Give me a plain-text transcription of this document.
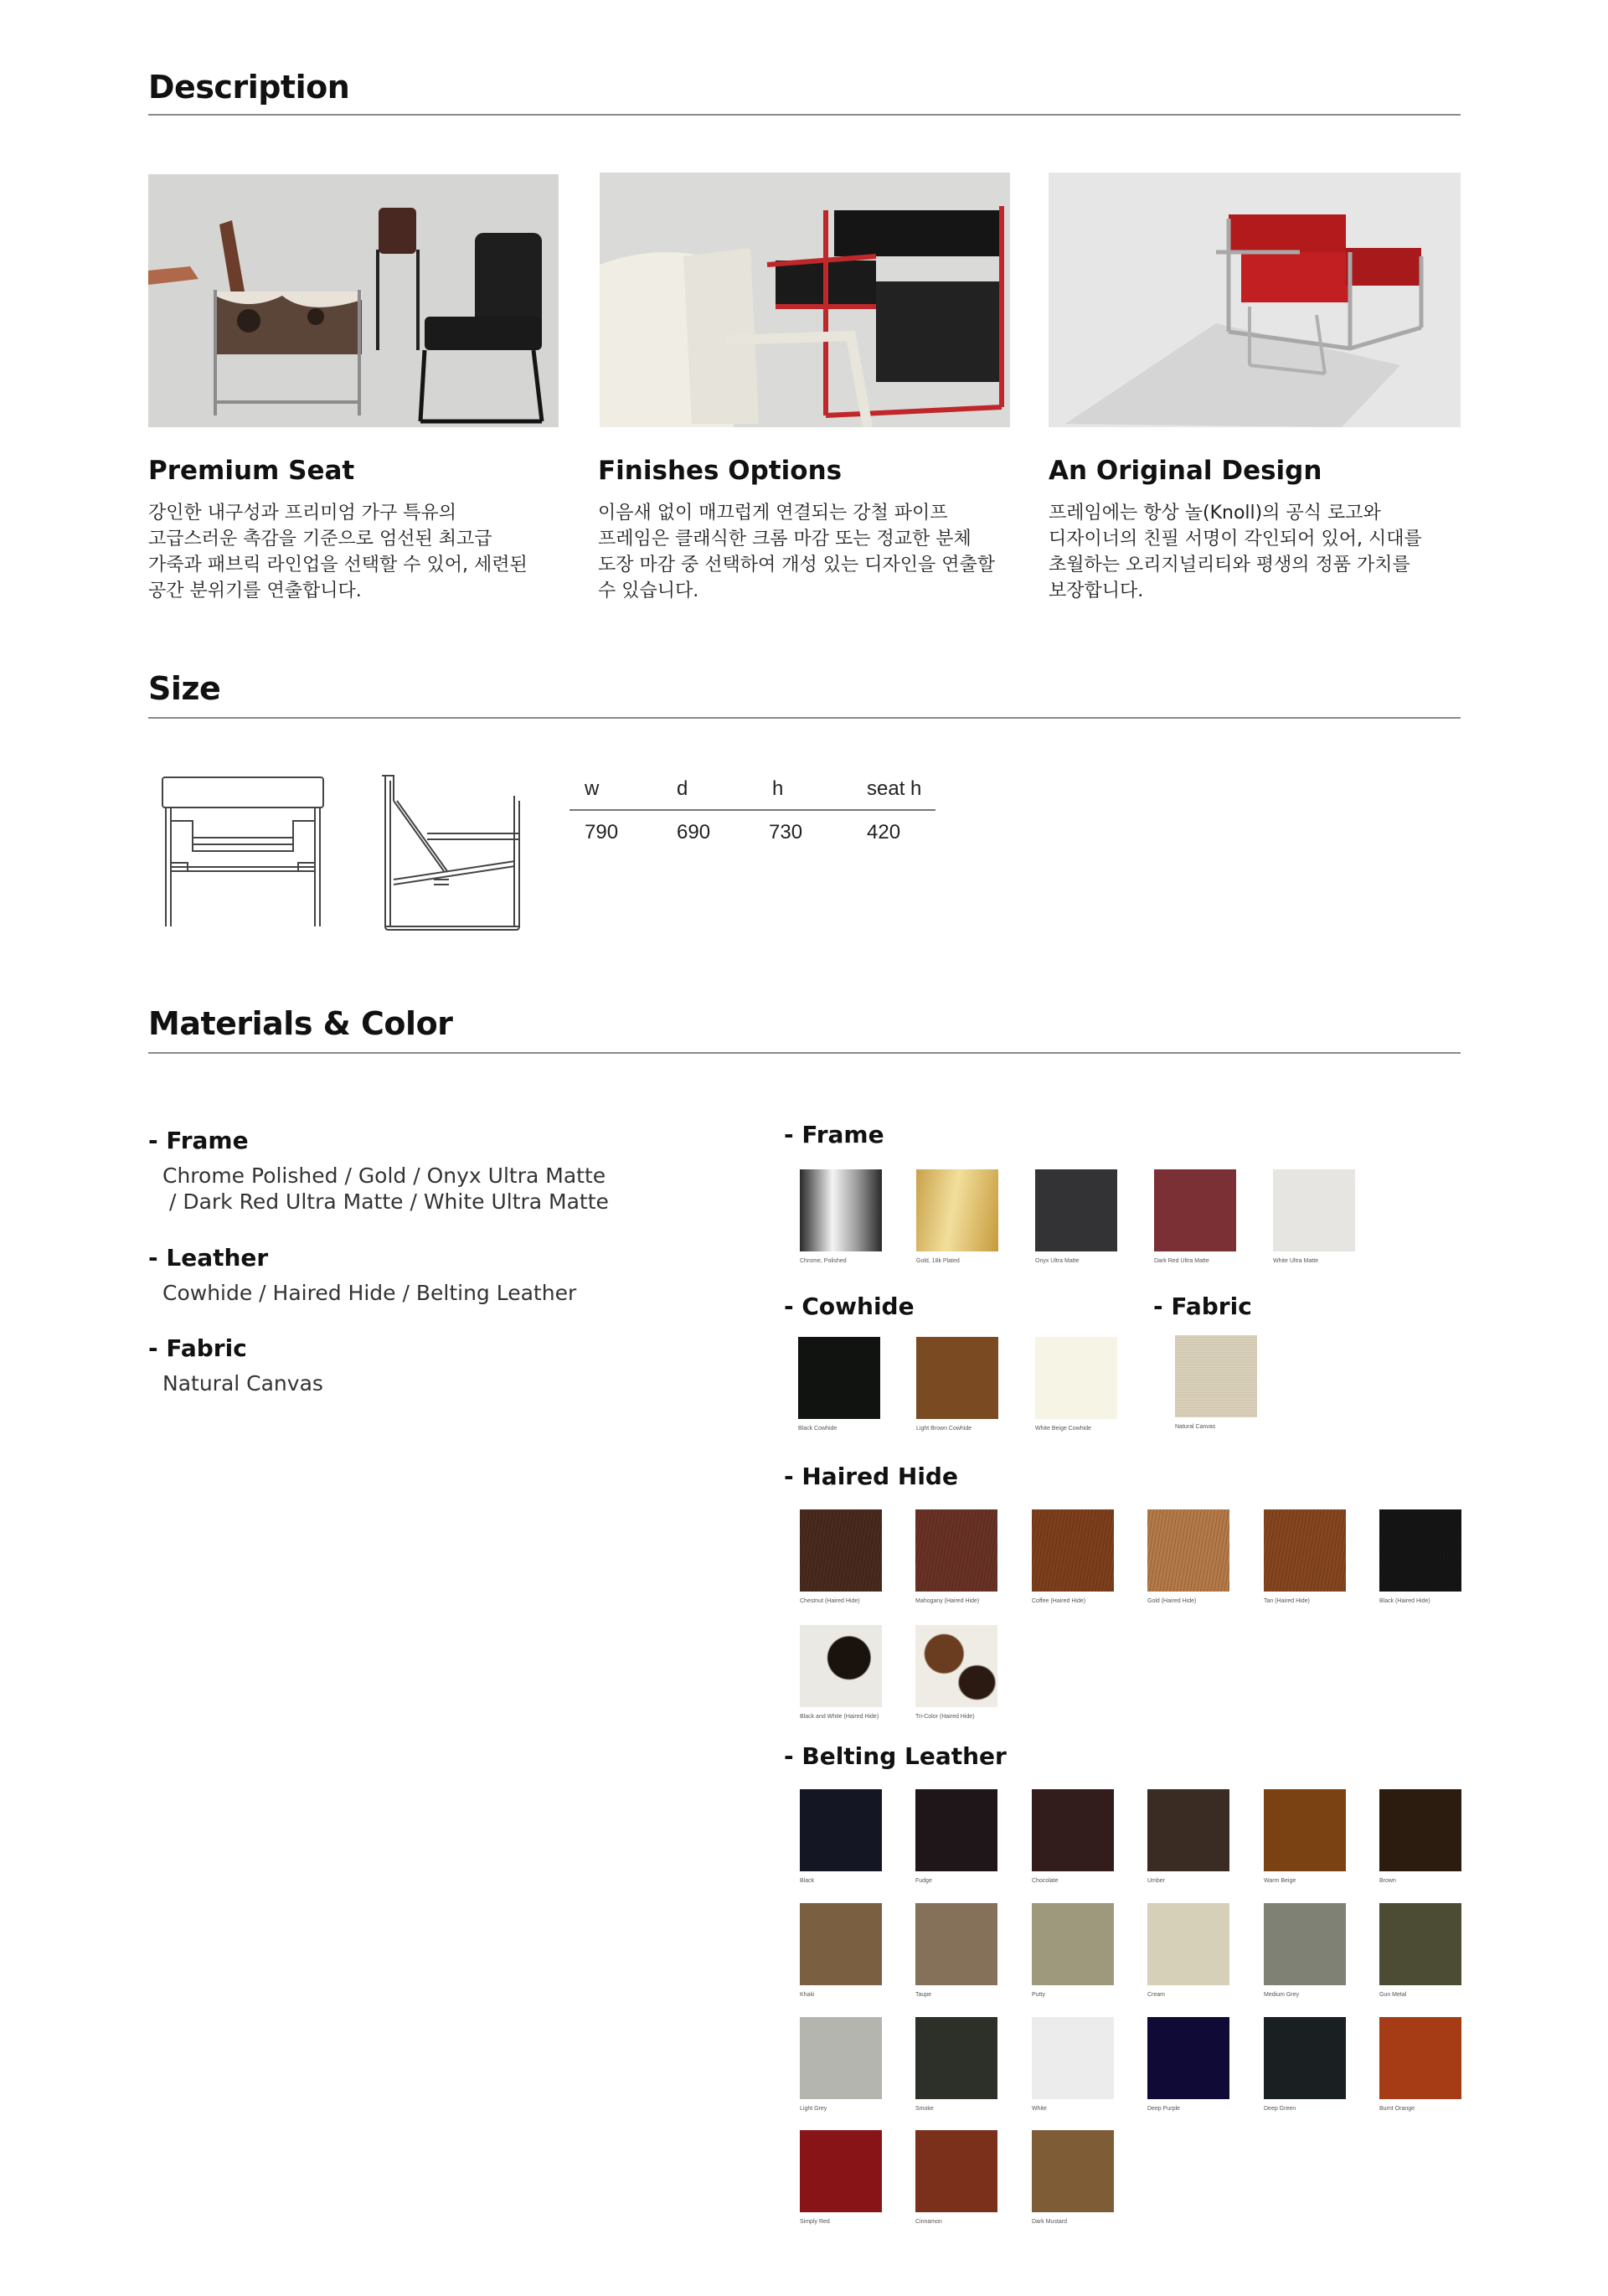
Description
Premium Seat
강인한 내구성과 프리미엄 가구 특유의
고급스러운 촉감을 기준으로 엄선된 최고급
가죽과 패브릭 라인업을 선택할 수 있어, 세련된
공간 분위기를 연출합니다.
Finishes Options
이음새 없이 매끄럽게 연결되는 강철 파이프
프레임은 클래식한 크롬 마감 또는 정교한 분체
도장 마감 중 선택하여 개성 있는 디자인을 연출할
수 있습니다.
An Original Design
프레임에는 항상 놀(Knoll)의 공식 로고와
디자이너의 친필 서명이 각인되어 있어, 시대를
초월하는 오리지널리티와 평생의 정품 가치를
보장합니다.
Size
w	d	h	seat h
790	690	730	420
Materials & Color
- Frame
Chrome Polished / Gold / Onyx Ultra Matte
/ Dark Red Ultra Matte / White Ultra Matte
- Leather
Cowhide / Haired Hide / Belting Leather
- Fabric
Natural Canvas
- Frame
- Cowhide	- Fabric
- Haired Hide
- Belting Leather
Chrome, Polished	Gold, 18k Plated	Onyx Ultra Matte	Dark Red Ultra Matte	White Ultra Matte
Black Cowhide	Light Brown Cowhide	White Beige Cowhide	Natural Canvas
Chestnut (Haired Hide)	Mahogany (Haired Hide)	Coffee (Haired Hide)	Gold (Haired Hide)	Tan (Haired Hide)	Black (Haired Hide)
Black and White (Haired Hide)	Tri-Color (Haired Hide)
Black	Fudge	Chocolate	Umber	Warm Beige	Brown
Khaki	Taupe	Putty	Cream	Medium Grey	Gun Metal
Light Grey	Smoke	White	Deep Purple	Deep Green	Burnt Orange
Simply Red	Cinnamon	Dark Mustard
